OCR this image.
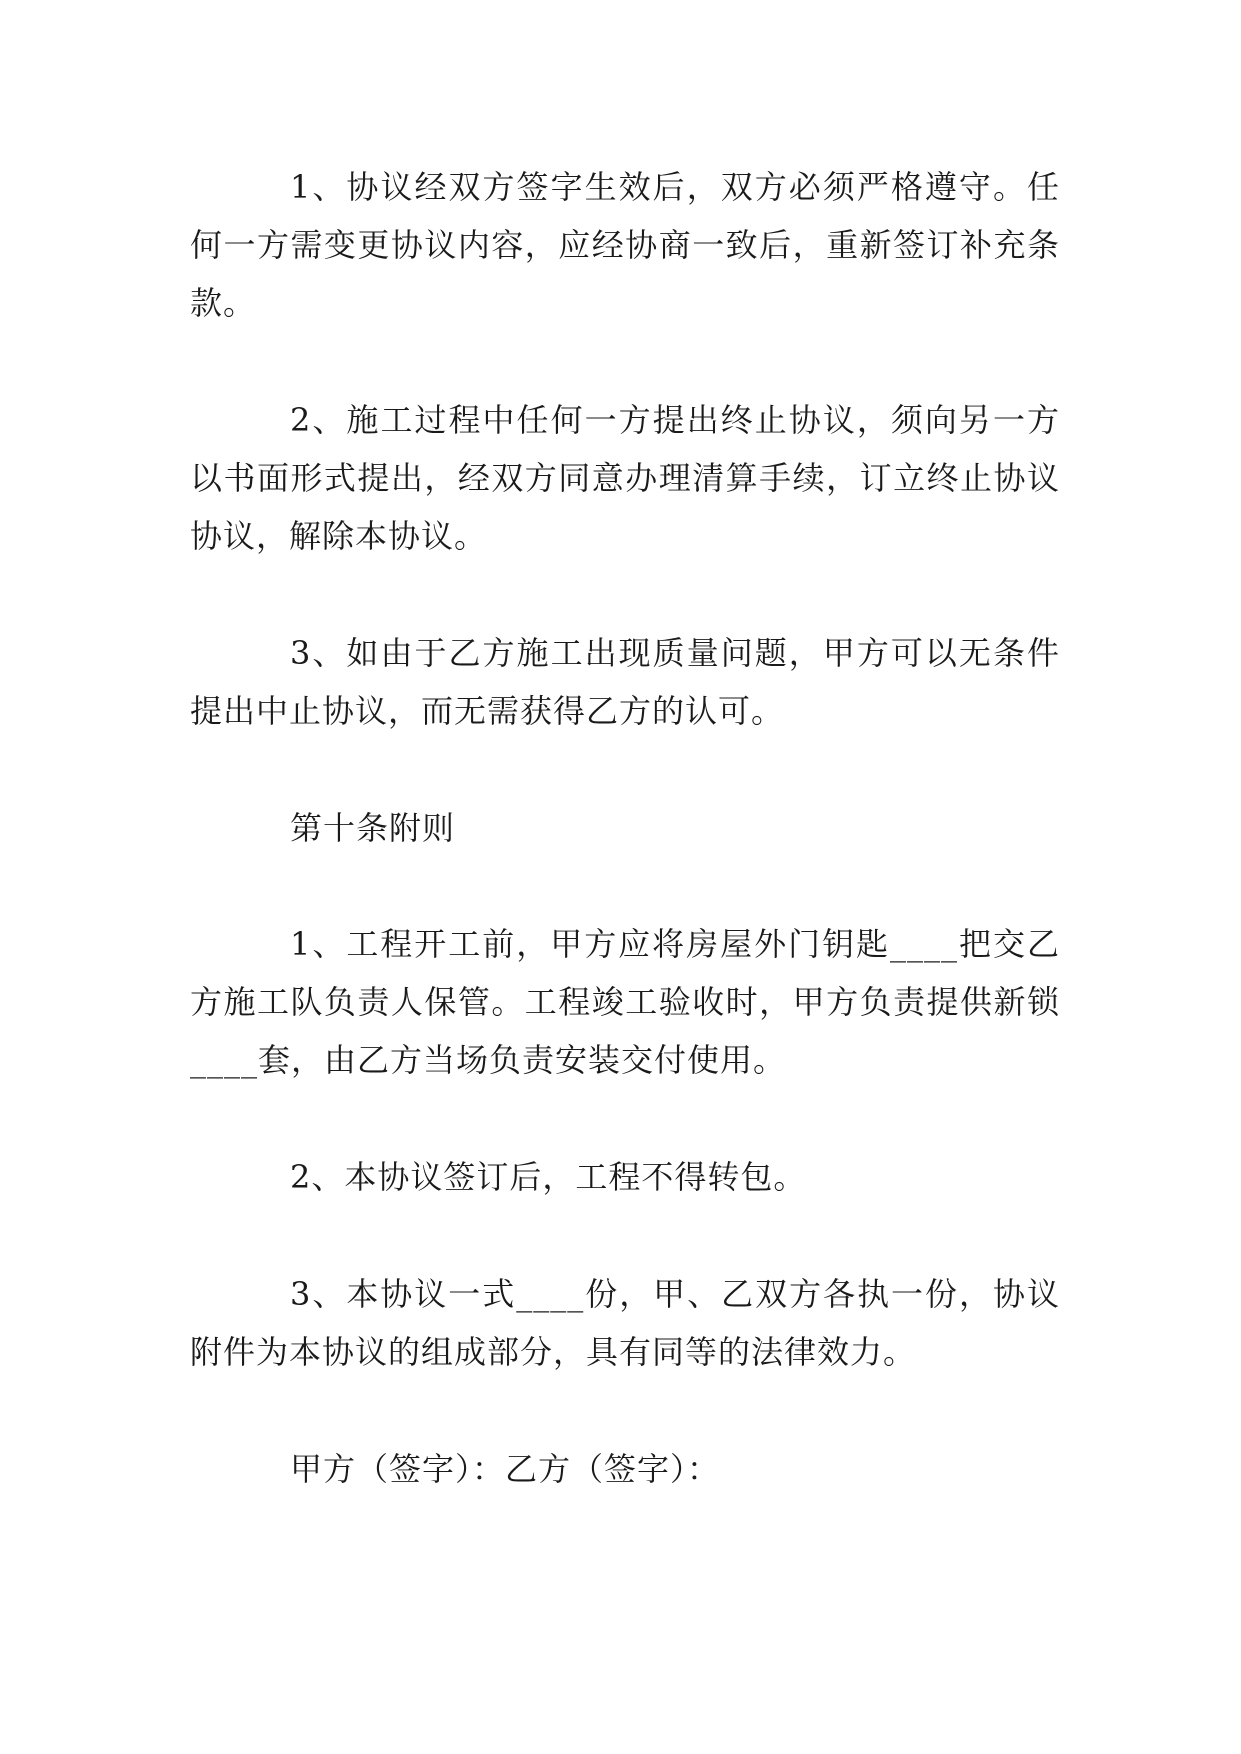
1、协议经双方签字生效后，双方必须严格遵守。任何一方需变更协议内容，应经协商一致后，重新签订补充条款。

2、施工过程中任何一方提出终止协议，须向另一方以书面形式提出，经双方同意办理清算手续，订立终止协议协议，解除本协议。

3、如由于乙方施工出现质量问题，甲方可以无条件提出中止协议，而无需获得乙方的认可。

第十条附则

1、工程开工前，甲方应将房屋外门钥匙____把交乙方施工队负责人保管。工程竣工验收时，甲方负责提供新锁____套，由乙方当场负责安装交付使用。

2、本协议签订后，工程不得转包。

3、本协议一式____份，甲、乙双方各执一份，协议附件为本协议的组成部分，具有同等的法律效力。

甲方（签字）：乙方（签字）：
